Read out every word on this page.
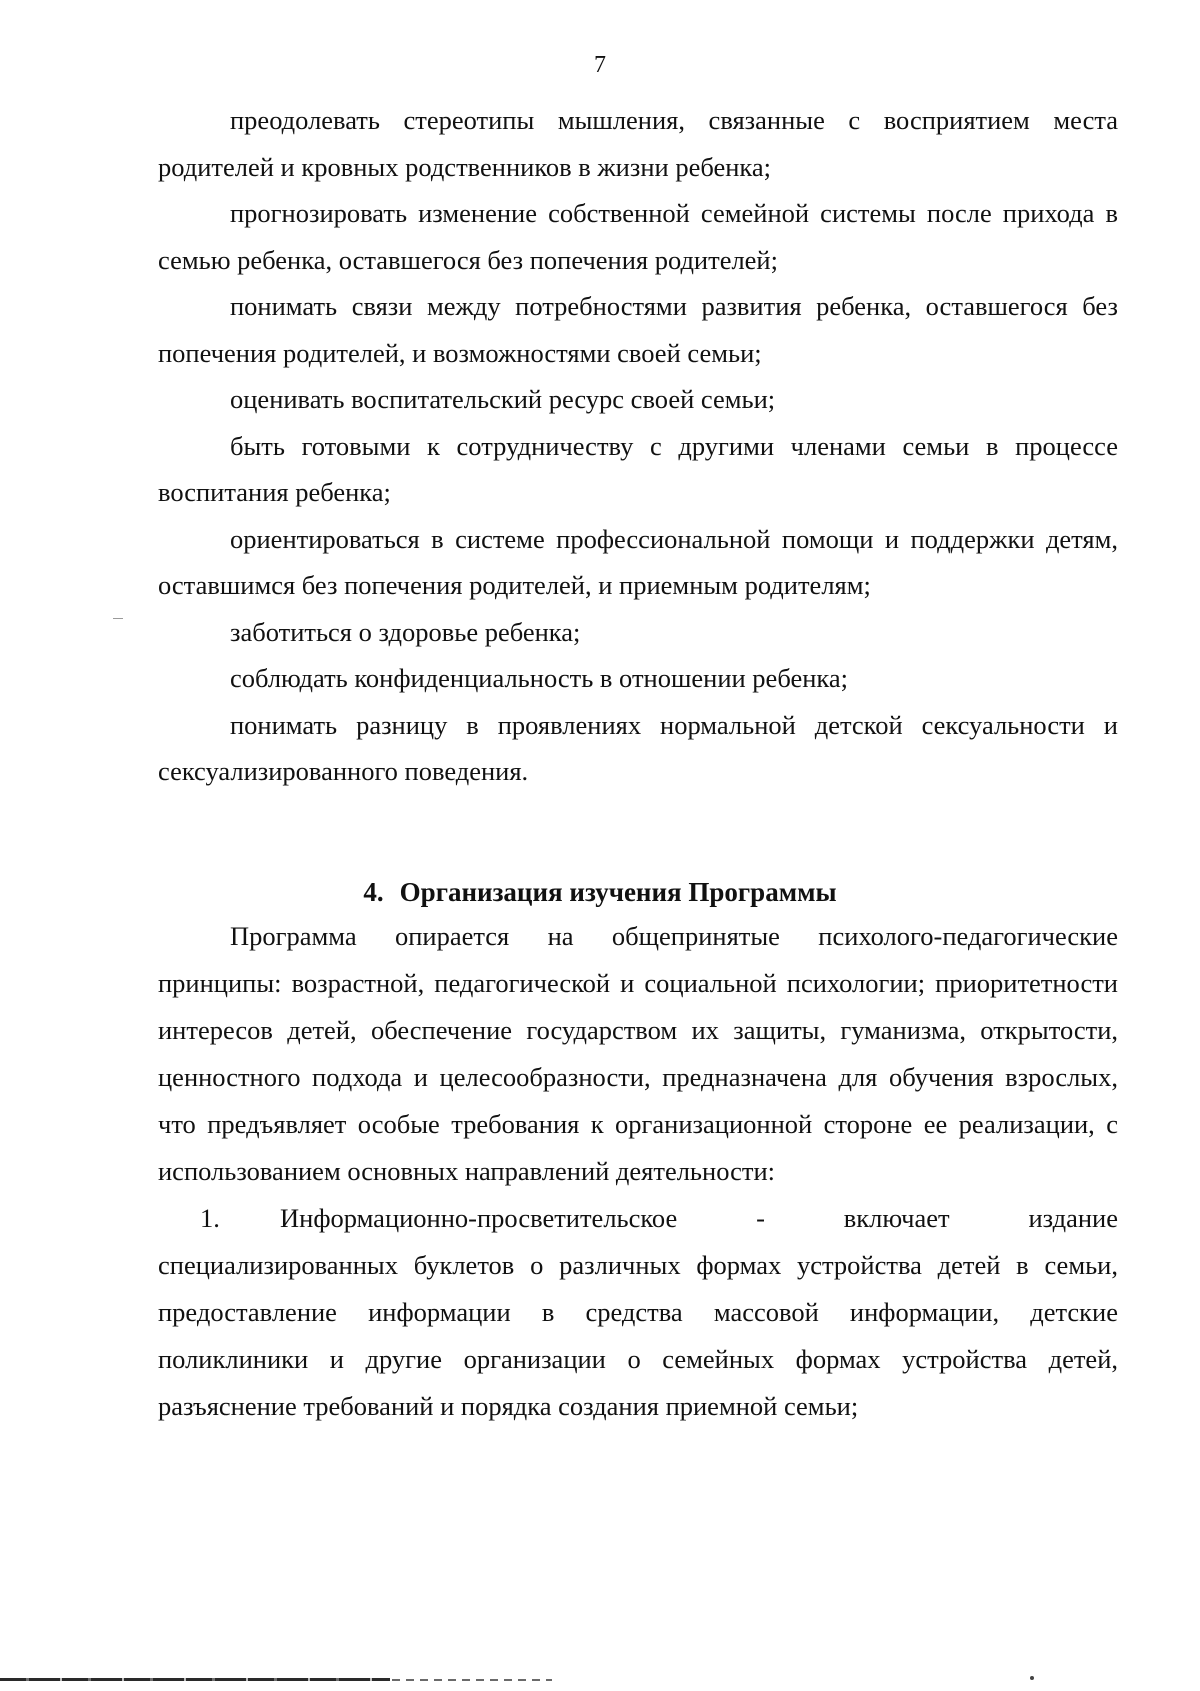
7

преодолевать стереотипы мышления, связанные с восприятием места родителей и кровных родственников в жизни ребенка;

прогнозировать изменение собственной семейной системы после прихода в семью ребенка, оставшегося без попечения родителей;

понимать связи между потребностями развития ребенка, оставшегося без попечения родителей, и возможностями своей семьи;

оценивать воспитательский ресурс своей семьи;

быть готовыми к сотрудничеству с другими членами семьи в процессе воспитания ребенка;

ориентироваться в системе профессиональной помощи и поддержки детям, оставшимся без попечения родителей, и приемным родителям;

заботиться о здоровье ребенка;

соблюдать конфиденциальность в отношении ребенка;

понимать разницу в проявлениях нормальной детской сексуальности и сексуализированного поведения.

4. Организация изучения Программы

Программа опирается на общепринятые психолого-педагогические принципы: возрастной, педагогической и социальной психологии; приоритетности интересов детей, обеспечение государством их защиты, гуманизма, открытости, ценностного подхода и целесообразности, предназначена для обучения взрослых, что предъявляет особые требования к организационной стороне ее реализации, с использованием основных направлений деятельности:

1. Информационно-просветительское - включает издание специализированных буклетов о различных формах устройства детей в семьи, предоставление информации в средства массовой информации, детские поликлиники и другие организации о семейных формах устройства детей, разъяснение требований и порядка создания приемной семьи;
